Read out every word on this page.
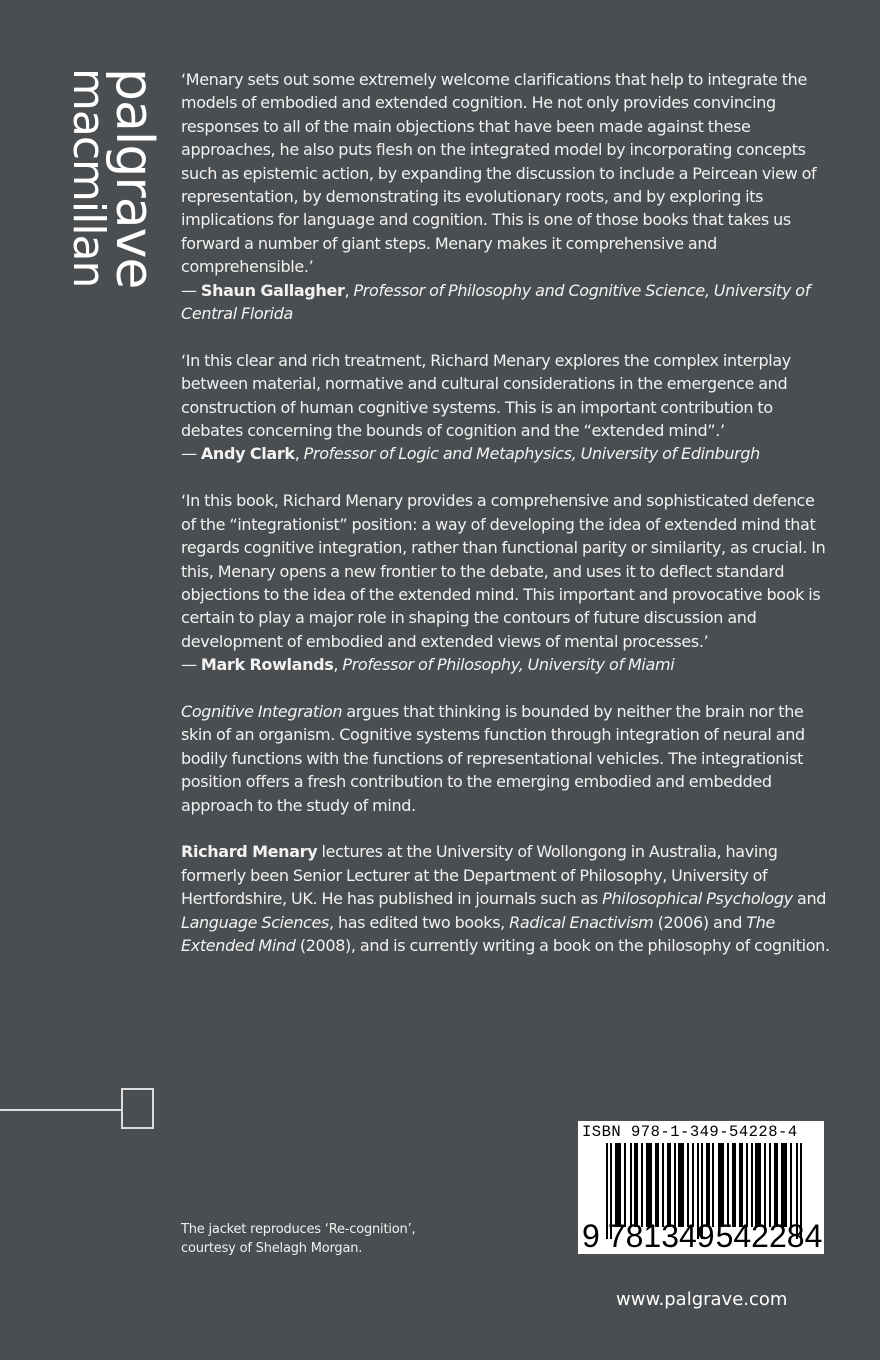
palgrave
macmillan	‘Menary sets out some extremely welcome clarifications that help to integrate the models of embodied and extended cognition. He not only provides convincing responses to all of the main objections that have been made against these approaches, he also puts flesh on the integrated model by incorporating concepts such as epistemic action, by expanding the discussion to include a Peircean view of representation, by demonstrating its evolutionary roots, and by exploring its implications for language and cognition. This is one of those books that takes us forward a number of giant steps. Menary makes it comprehensive and comprehensible.’
— Shaun Gallagher, Professor of Philosophy and Cognitive Science, University of Central Florida

‘In this clear and rich treatment, Richard Menary explores the complex interplay between material, normative and cultural considerations in the emergence and construction of human cognitive systems. This is an important contribution to debates concerning the bounds of cognition and the “extended mind”.’
— Andy Clark, Professor of Logic and Metaphysics, University of Edinburgh

‘In this book, Richard Menary provides a comprehensive and sophisticated defence of the “integrationist” position: a way of developing the idea of extended mind that regards cognitive integration, rather than functional parity or similarity, as crucial. In this, Menary opens a new frontier to the debate, and uses it to deflect standard objections to the idea of the extended mind. This important and provocative book is certain to play a major role in shaping the contours of future discussion and development of embodied and extended views of mental processes.’
— Mark Rowlands, Professor of Philosophy, University of Miami

Cognitive Integration argues that thinking is bounded by neither the brain nor the skin of an organism. Cognitive systems function through integration of neural and bodily functions with the functions of representational vehicles. The integrationist position offers a fresh contribution to the emerging embodied and embedded approach to the study of mind.

Richard Menary lectures at the University of Wollongong in Australia, having formerly been Senior Lecturer at the Department of Philosophy, University of Hertfordshire, UK. He has published in journals such as Philosophical Psychology and Language Sciences, has edited two books, Radical Enactivism (2006) and The Extended Mind (2008), and is currently writing a book on the philosophy of cognition.

The jacket reproduces ‘Re-cognition’,
courtesy of Shelagh Morgan.
ISBN 978-1-349-54228-4
9 781349542284
www.palgrave.com
